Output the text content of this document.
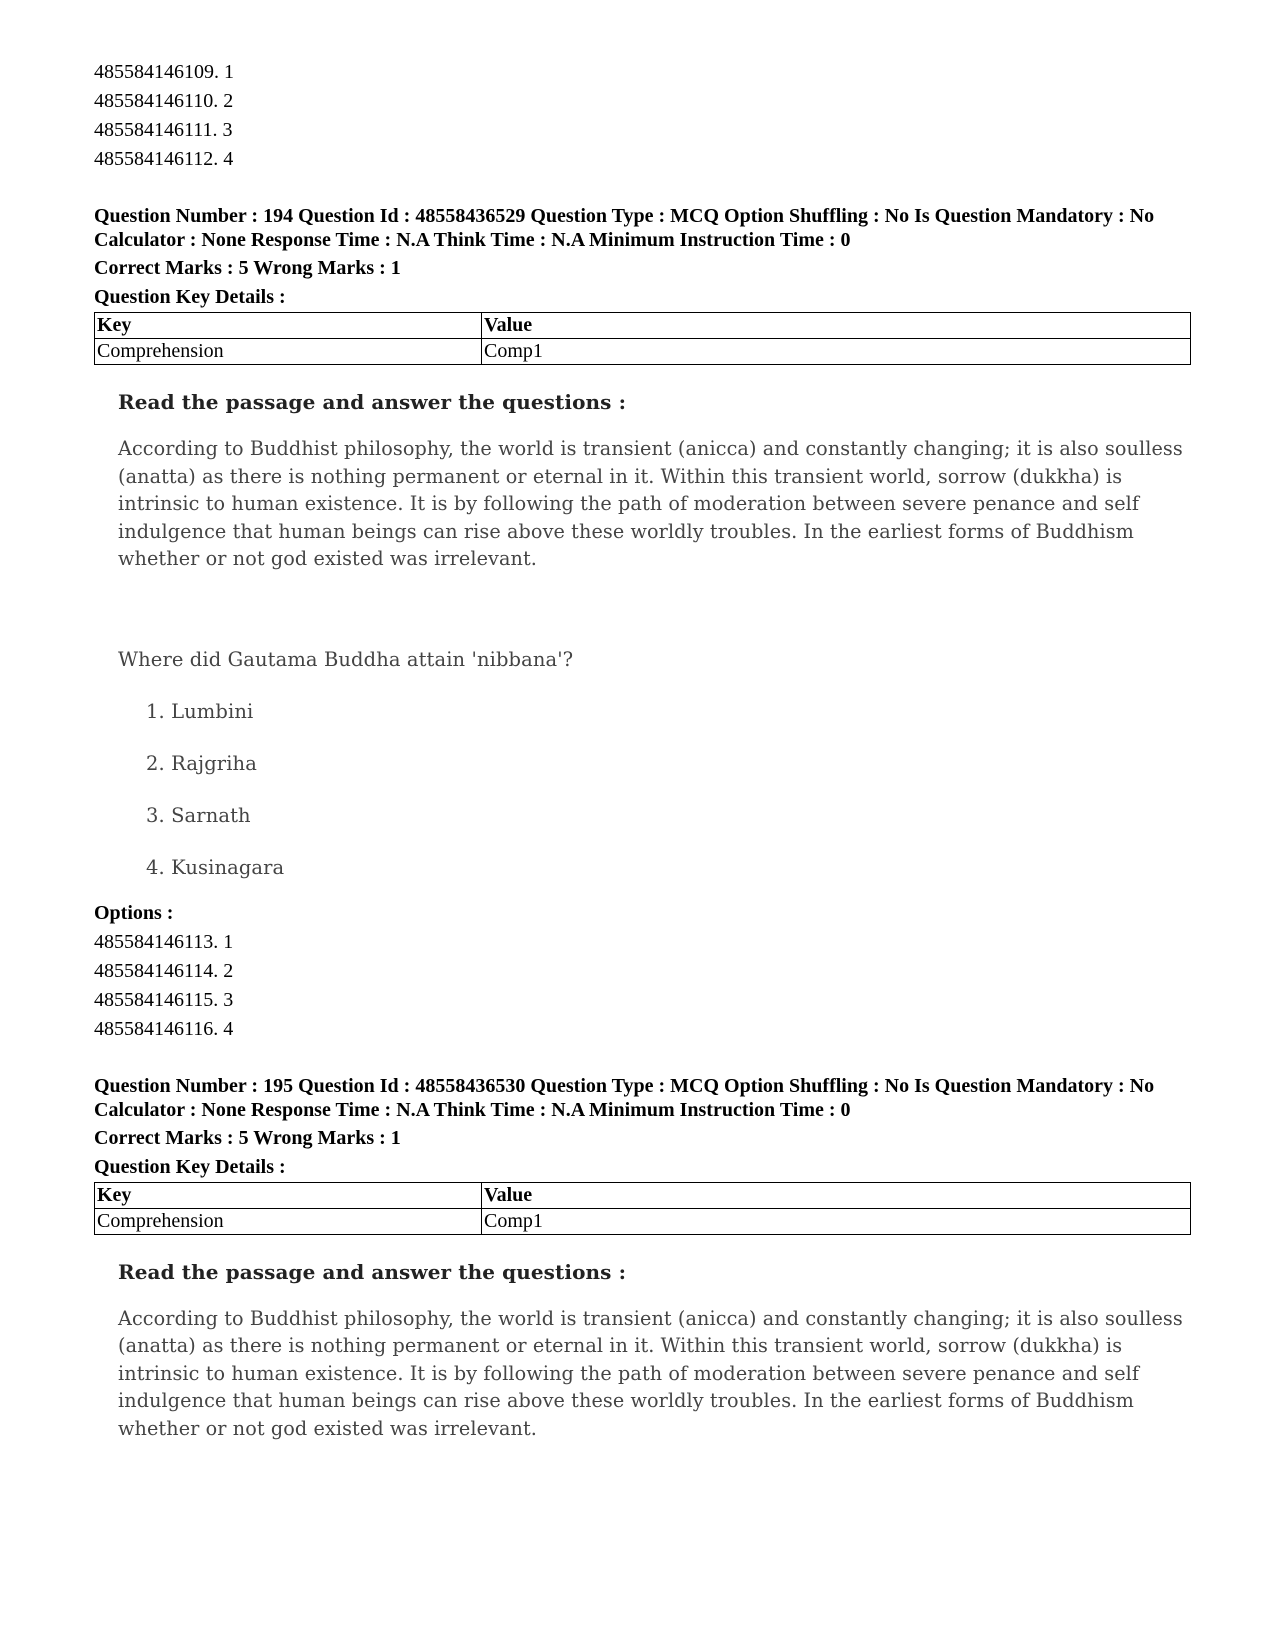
485584146109. 1
485584146110. 2
485584146111. 3
485584146112. 4
Question Number : 194 Question Id : 48558436529 Question Type : MCQ Option Shuffling : No Is Question Mandatory : No Calculator : None Response Time : N.A Think Time : N.A Minimum Instruction Time : 0
Correct Marks : 5 Wrong Marks : 1
Question Key Details :
Key	Value
Comprehension	Comp1
Read the passage and answer the questions :
According to Buddhist philosophy, the world is transient (anicca) and constantly changing; it is also soulless (anatta) as there is nothing permanent or eternal in it. Within this transient world, sorrow (dukkha) is intrinsic to human existence. It is by following the path of moderation between severe penance and self indulgence that human beings can rise above these worldly troubles. In the earliest forms of Buddhism whether or not god existed was irrelevant.
Where did Gautama Buddha attain 'nibbana'?
1. Lumbini
2. Rajgriha
3. Sarnath
4. Kusinagara
Options :
485584146113. 1
485584146114. 2
485584146115. 3
485584146116. 4
Question Number : 195 Question Id : 48558436530 Question Type : MCQ Option Shuffling : No Is Question Mandatory : No Calculator : None Response Time : N.A Think Time : N.A Minimum Instruction Time : 0
Correct Marks : 5 Wrong Marks : 1
Question Key Details :
Key	Value
Comprehension	Comp1
Read the passage and answer the questions :
According to Buddhist philosophy, the world is transient (anicca) and constantly changing; it is also soulless (anatta) as there is nothing permanent or eternal in it. Within this transient world, sorrow (dukkha) is intrinsic to human existence. It is by following the path of moderation between severe penance and self indulgence that human beings can rise above these worldly troubles. In the earliest forms of Buddhism whether or not god existed was irrelevant.
